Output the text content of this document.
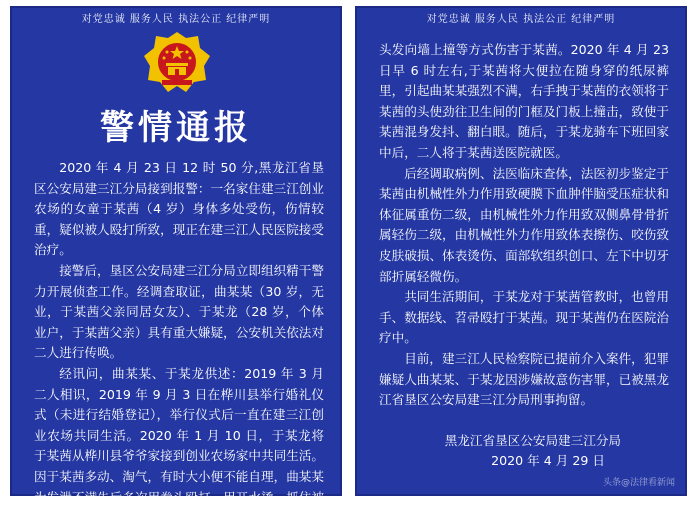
对党忠诚 服务人民 执法公正 纪律严明
警情通报

2020 年 4 月 23 日 12 时 50 分,黑龙江省垦区公安局建三江分局接到报警：一名家住建三江创业农场的女童于某茜（4 岁）身体多处受伤，伤情较重，疑似被人殴打所致，现正在建三江人民医院接受治疗。

接警后，垦区公安局建三江分局立即组织精干警力开展侦查工作。经调查取证，曲某某（30 岁，无业，于某茜父亲同居女友）、于某龙（28 岁，个体业户，于某茜父亲）具有重大嫌疑，公安机关依法对二人进行传唤。

经讯问，曲某某、于某龙供述：2019 年 3 月二人相识，2019 年 9 月 3 日在桦川县举行婚礼仪式（未进行结婚登记），举行仪式后一直在建三江创业农场共同生活。2020 年 1 月 10 日，于某龙将于某茜从桦川县爷爷家接到创业农场家中共同生活。因于某茜多动、淘气，有时大小便不能自理，曲某某为发泄不满先后多次用拳头殴打、用开水烫、抓住被害人

对党忠诚 服务人民 执法公正 纪律严明

头发向墙上撞等方式伤害于某茜。2020 年 4 月 23 日早 6 时左右,于某茜将大便拉在随身穿的纸尿裤里，引起曲某某强烈不满，右手拽于某茜的衣领将于某茜的头使劲往卫生间的门框及门板上撞击，致使于某茜混身发抖、翻白眼。随后，于某龙骑车下班回家中后，二人将于某茜送医院就医。

后经调取病例、法医临床查体，法医初步鉴定于某茜由机械性外力作用致硬膜下血肿伴脑受压症状和体征属重伤二级，由机械性外力作用致双侧鼻骨骨折属轻伤二级，由机械性外力作用致体表擦伤、咬伤致皮肤破损、体表烫伤、面部软组织创口、左下中切牙部折属轻微伤。

共同生活期间，于某龙对于某茜管教时，也曾用手、数据线、苕帚殴打于某茜。现于某茜仍在医院治疗中。

目前，建三江人民检察院已提前介入案件，犯罪嫌疑人曲某某、于某龙因涉嫌故意伤害罪，已被黑龙江省垦区公安局建三江分局刑事拘留。

黑龙江省垦区公安局建三江分局
2020 年 4 月 29 日
头条@法律看新闻
